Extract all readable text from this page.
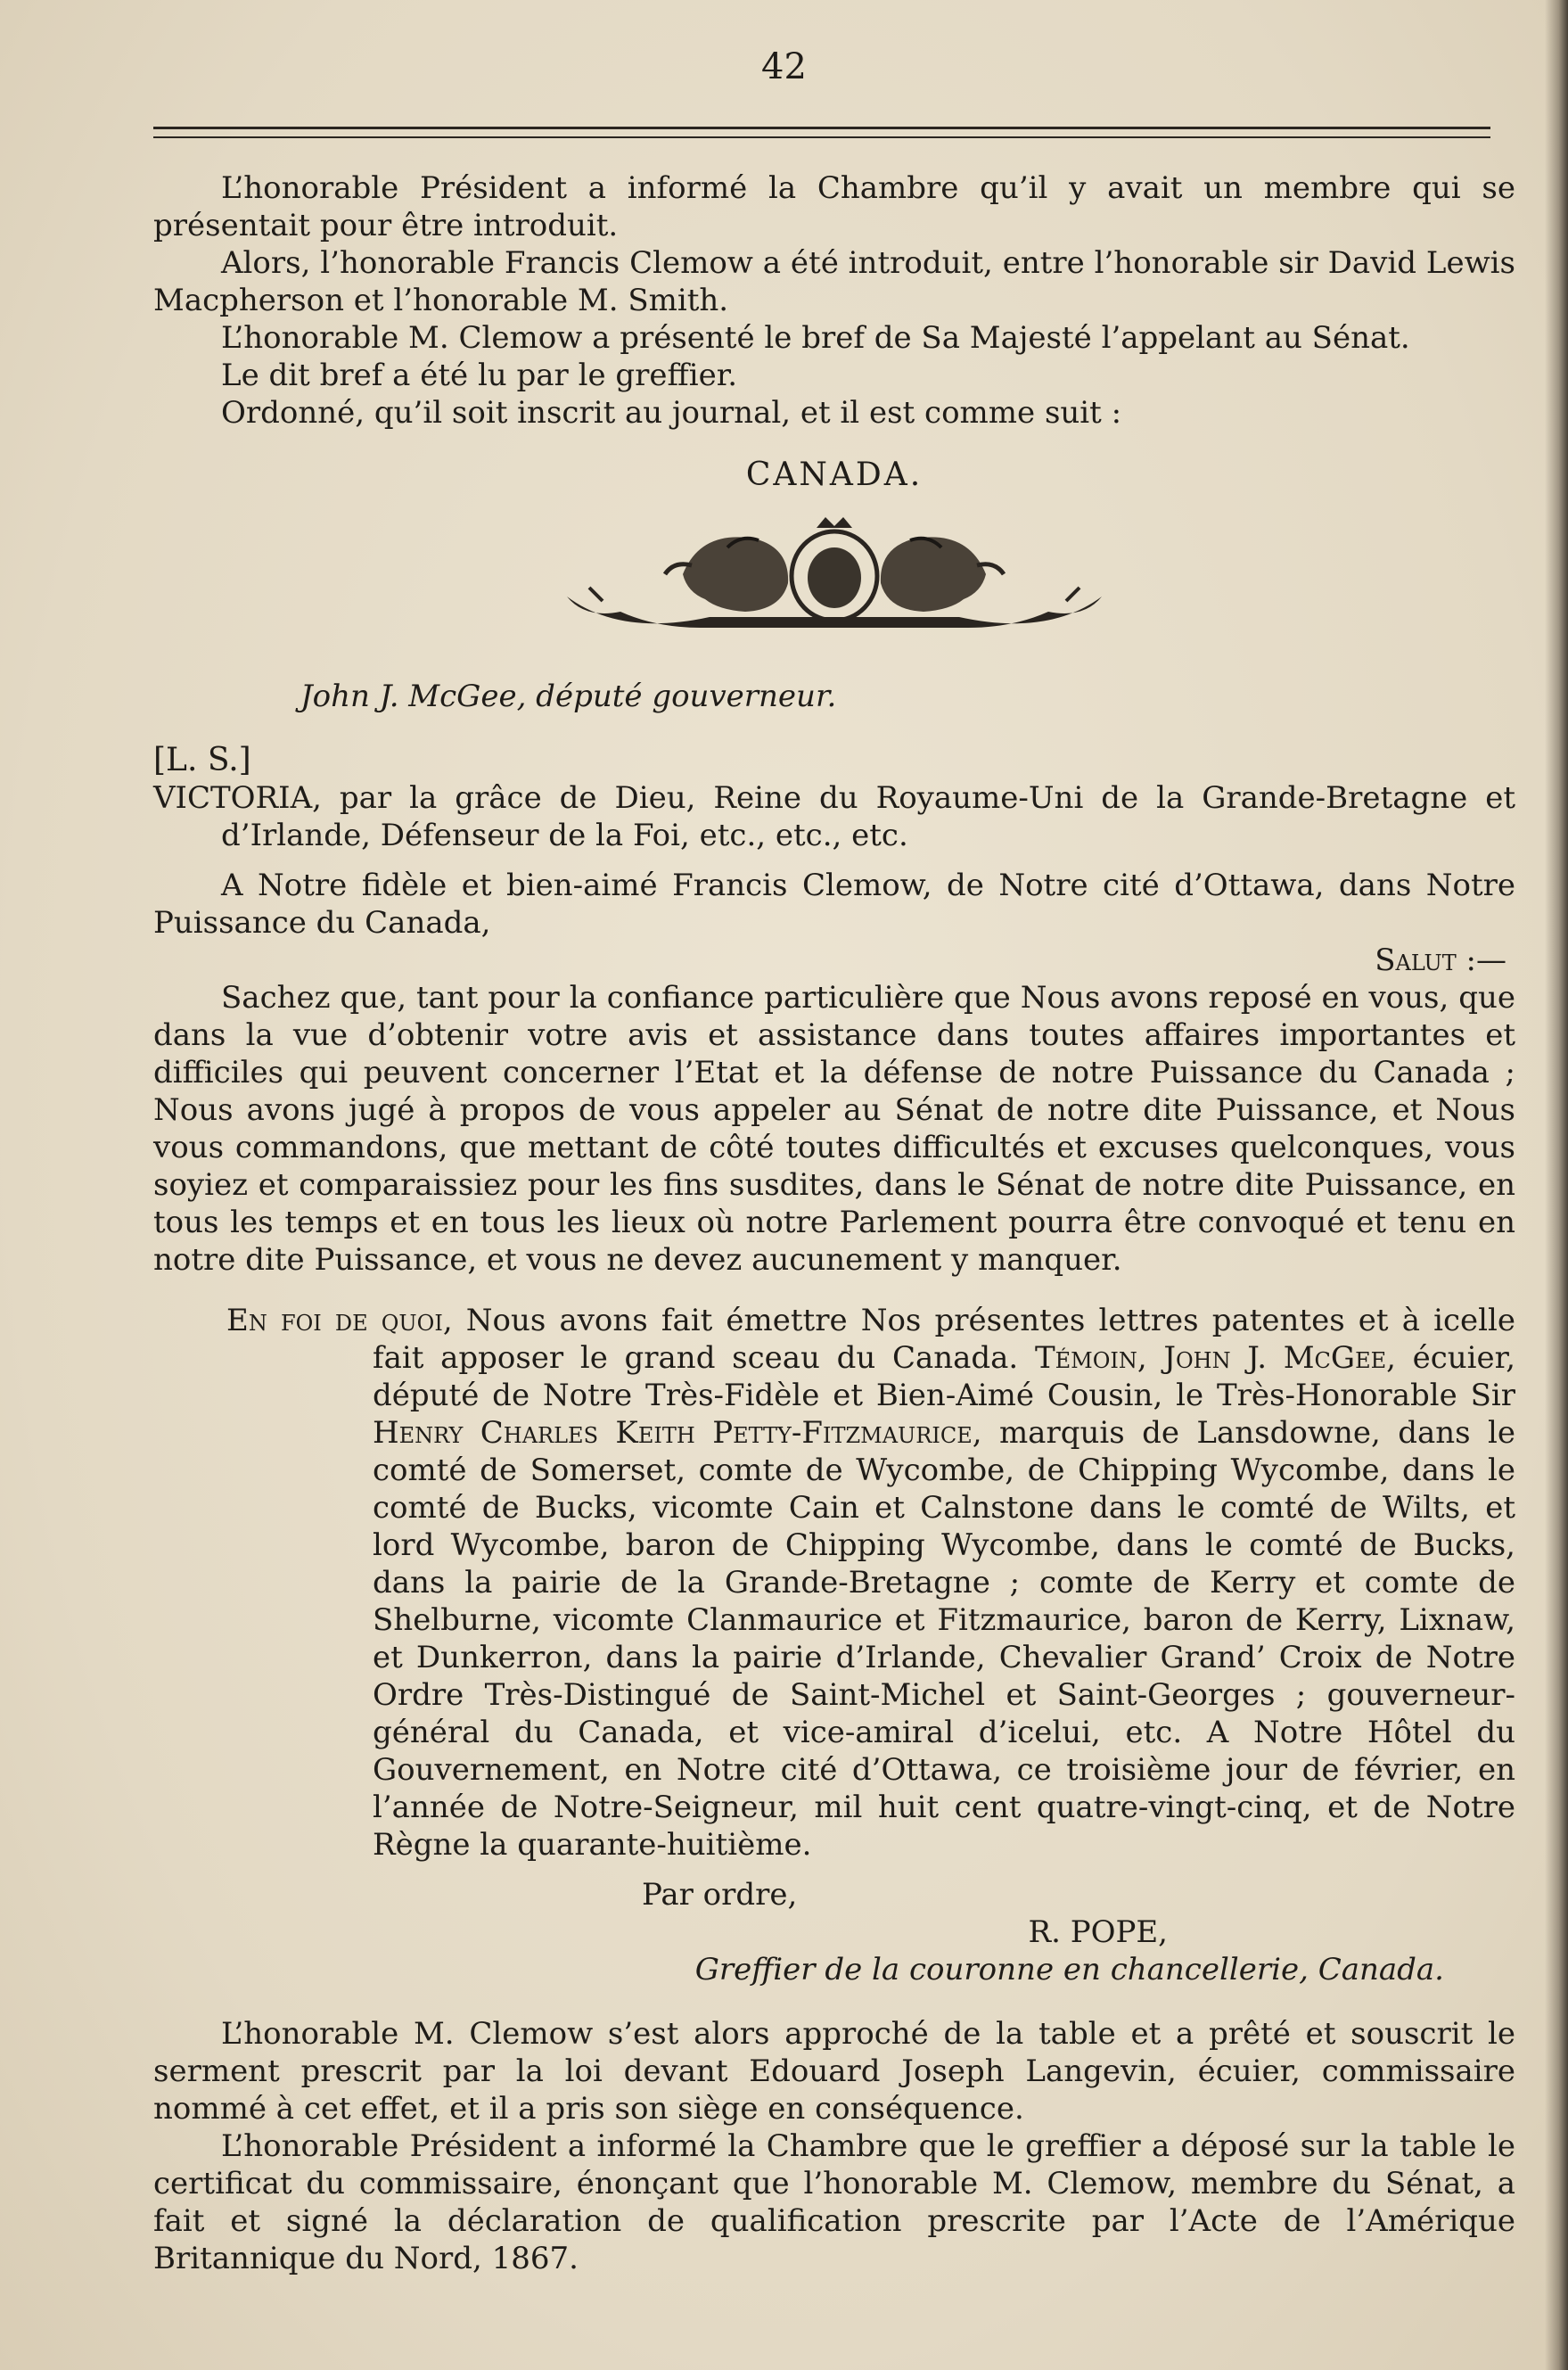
42

L’honorable Président a informé la Chambre qu’il y avait un membre qui se présentait pour être introduit.

Alors, l’honorable Francis Clemow a été introduit, entre l’honorable sir David Lewis Macpherson et l’honorable M. Smith.

L’honorable M. Clemow a présenté le bref de Sa Majesté l’appelant au Sénat.

Le dit bref a été lu par le greffier.

Ordonné, qu’il soit inscrit au journal, et il est comme suit :

CANADA.

John J. McGee, député gouverneur.

[L. S.]

VICTORIA, par la grâce de Dieu, Reine du Royaume-Uni de la Grande-Bretagne et d’Irlande, Défenseur de la Foi, etc., etc., etc.

A Notre fidèle et bien-aimé Francis Clemow, de Notre cité d’Ottawa, dans Notre Puissance du Canada,

Salut :—

Sachez que, tant pour la confiance particulière que Nous avons reposé en vous, que dans la vue d’obtenir votre avis et assistance dans toutes affaires importantes et difficiles qui peuvent concerner l’Etat et la défense de notre Puissance du Canada ; Nous avons jugé à propos de vous appeler au Sénat de notre dite Puissance, et Nous vous commandons, que mettant de côté toutes difficultés et excuses quelconques, vous soyiez et comparaissiez pour les fins susdites, dans le Sénat de notre dite Puissance, en tous les temps et en tous les lieux où notre Parlement pourra être convoqué et tenu en notre dite Puissance, et vous ne devez aucunement y manquer.

En foi de quoi, Nous avons fait émettre Nos présentes lettres patentes et à icelle fait apposer le grand sceau du Canada. Témoin, John J. McGee, écuier, député de Notre Très-Fidèle et Bien-Aimé Cousin, le Très-Honorable Sir Henry Charles Keith Petty-Fitzmaurice, marquis de Lansdowne, dans le comté de Somerset, comte de Wycombe, de Chipping Wycombe, dans le comté de Bucks, vicomte Cain et Calnstone dans le comté de Wilts, et lord Wycombe, baron de Chipping Wycombe, dans le comté de Bucks, dans la pairie de la Grande-Bretagne ; comte de Kerry et comte de Shelburne, vicomte Clanmaurice et Fitzmaurice, baron de Kerry, Lixnaw, et Dunkerron, dans la pairie d’Irlande, Chevalier Grand’ Croix de Notre Ordre Très-Distingué de Saint-Michel et Saint-Georges ; gouverneur-général du Canada, et vice-amiral d’icelui, etc. A Notre Hôtel du Gouvernement, en Notre cité d’Ottawa, ce troisième jour de février, en l’année de Notre-Seigneur, mil huit cent quatre-vingt-cinq, et de Notre Règne la quarante-huitième.

Par ordre,
R. POPE,
Greffier de la couronne en chancellerie, Canada.

L’honorable M. Clemow s’est alors approché de la table et a prêté et souscrit le serment prescrit par la loi devant Edouard Joseph Langevin, écuier, commissaire nommé à cet effet, et il a pris son siège en conséquence.

L’honorable Président a informé la Chambre que le greffier a déposé sur la table le certificat du commissaire, énonçant que l’honorable M. Clemow, membre du Sénat, a fait et signé la déclaration de qualification prescrite par l’Acte de l’Amérique Britannique du Nord, 1867.
